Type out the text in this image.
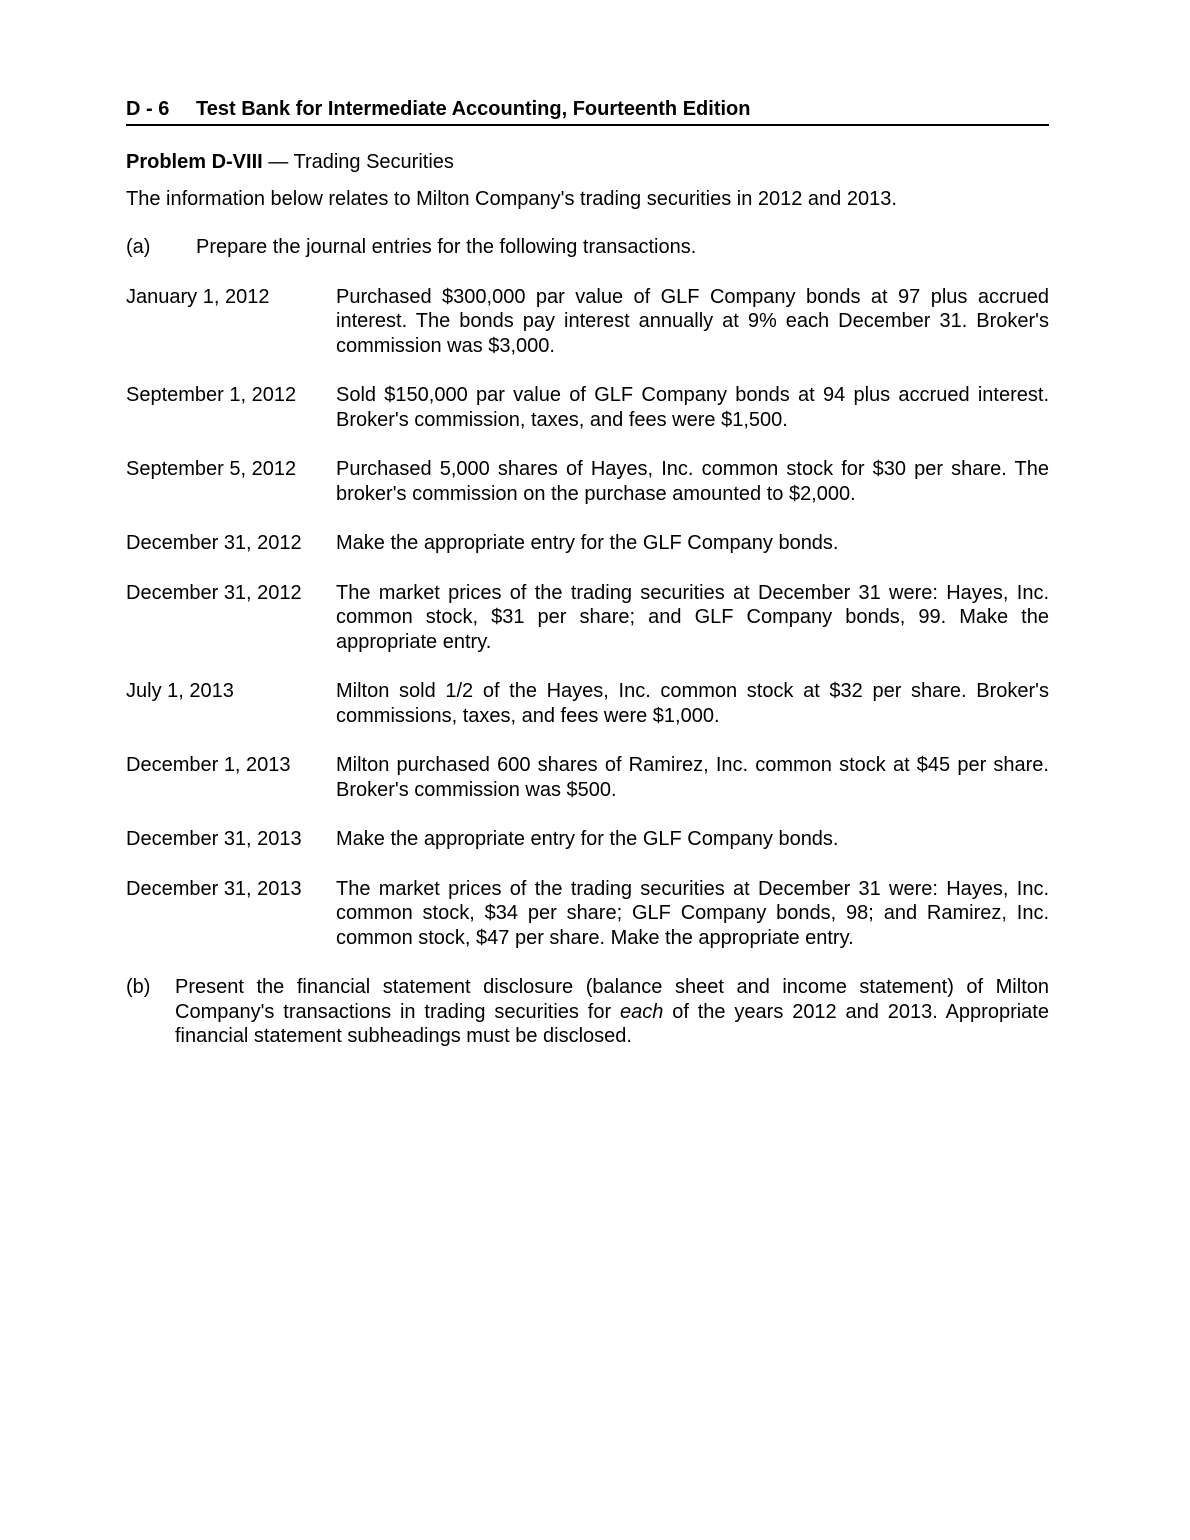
D - 6 Test Bank for Intermediate Accounting, Fourteenth Edition
Problem D-VIII — Trading Securities
The information below relates to Milton Company's trading securities in 2012 and 2013.
(a)	Prepare the journal entries for the following transactions.
January 1, 2012	Purchased $300,000 par value of GLF Company bonds at 97 plus accrued interest. The bonds pay interest annually at 9% each December 31. Broker's commission was $3,000.
September 1, 2012	Sold $150,000 par value of GLF Company bonds at 94 plus accrued interest. Broker's commission, taxes, and fees were $1,500.
September 5, 2012	Purchased 5,000 shares of Hayes, Inc. common stock for $30 per share. The broker's commission on the purchase amounted to $2,000.
December 31, 2012	Make the appropriate entry for the GLF Company bonds.
December 31, 2012	The market prices of the trading securities at December 31 were: Hayes, Inc. common stock, $31 per share; and GLF Company bonds, 99. Make the appropriate entry.
July 1, 2013	Milton sold 1/2 of the Hayes, Inc. common stock at $32 per share. Broker's commissions, taxes, and fees were $1,000.
December 1, 2013	Milton purchased 600 shares of Ramirez, Inc. common stock at $45 per share. Broker's commission was $500.
December 31, 2013	Make the appropriate entry for the GLF Company bonds.
December 31, 2013	The market prices of the trading securities at December 31 were: Hayes, Inc. common stock, $34 per share; GLF Company bonds, 98; and Ramirez, Inc. common stock, $47 per share. Make the appropriate entry.
(b)	Present the financial statement disclosure (balance sheet and income statement) of Milton Company's transactions in trading securities for each of the years 2012 and 2013. Appropriate financial statement subheadings must be disclosed.
